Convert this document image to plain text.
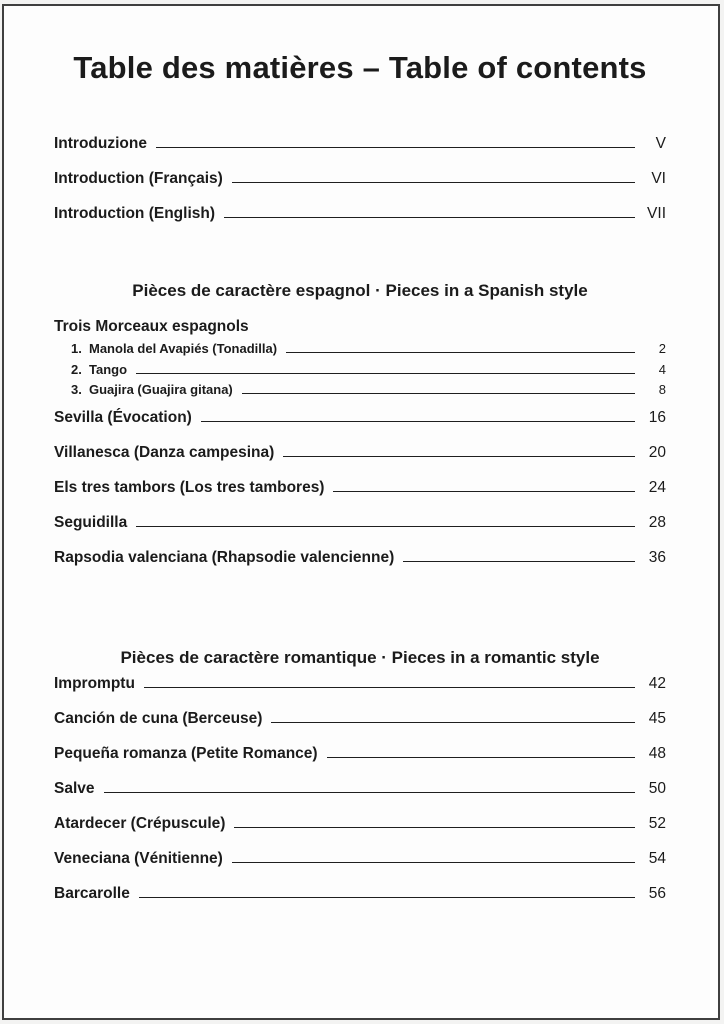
Table des matières – Table of contents
Introduzione	V
Introduction (Français)	VI
Introduction (English)	VII
Pièces de caractère espagnol · Pieces in a Spanish style
Trois Morceaux espagnols
1. Manola del Avapiés (Tonadilla)	2
2. Tango	4
3. Guajira (Guajira gitana)	8
Sevilla (Évocation)	16
Villanesca (Danza campesina)	20
Els tres tambors (Los tres tambores)	24
Seguidilla	28
Rapsodia valenciana (Rhapsodie valencienne)	36
Pièces de caractère romantique · Pieces in a romantic style
Impromptu	42
Canción de cuna (Berceuse)	45
Pequeña romanza (Petite Romance)	48
Salve	50
Atardecer (Crépuscule)	52
Veneciana (Vénitienne)	54
Barcarolle	56
